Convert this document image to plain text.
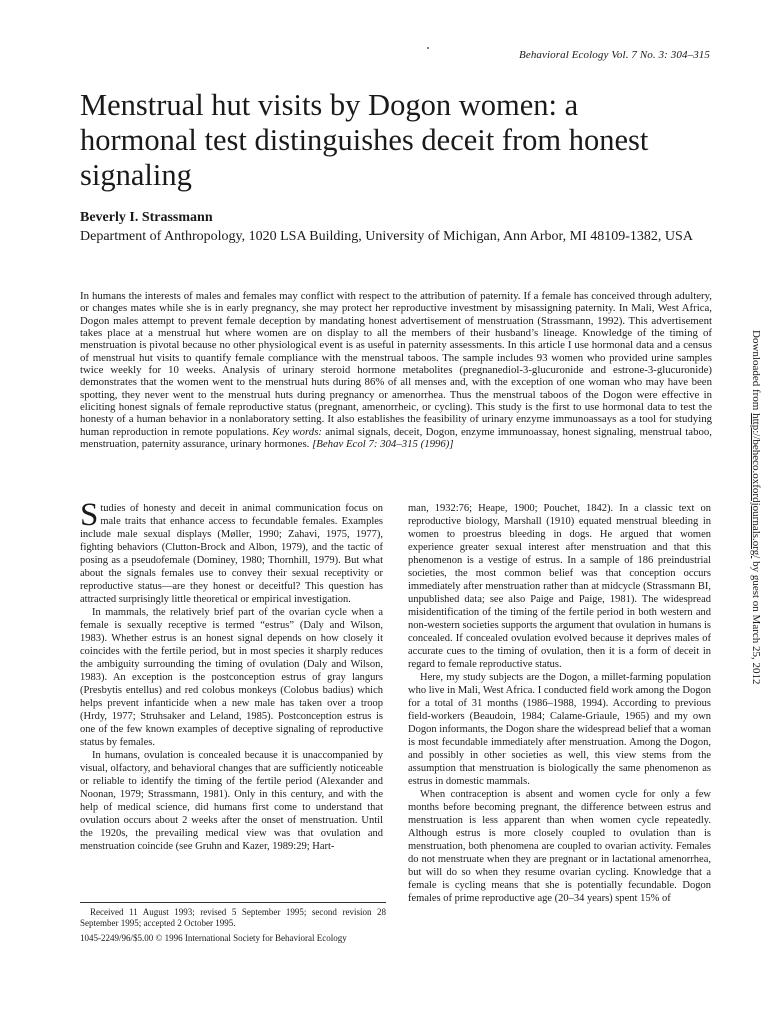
Behavioral Ecology Vol. 7 No. 3: 304–315
Menstrual hut visits by Dogon women: a hormonal test distinguishes deceit from honest signaling
Beverly I. Strassmann
Department of Anthropology, 1020 LSA Building, University of Michigan, Ann Arbor, MI 48109-1382, USA

In humans the interests of males and females may conflict with respect to the attribution of paternity. If a female has conceived through adultery, or changes mates while she is in early pregnancy, she may protect her reproductive investment by misassigning paternity. In Mali, West Africa, Dogon males attempt to prevent female deception by mandating honest advertisement of menstruation (Strassmann, 1992). This advertisement takes place at a menstrual hut where women are on display to all the members of their husband’s lineage. Knowledge of the timing of menstruation is pivotal because no other physiological event is as useful in paternity assessments. In this article I use hormonal data and a census of menstrual hut visits to quantify female compliance with the menstrual taboos. The sample includes 93 women who provided urine samples twice weekly for 10 weeks. Analysis of urinary steroid hormone metabolites (pregnanediol-3-glucuronide and estrone-3-glucuronide) demonstrates that the women went to the menstrual huts during 86% of all menses and, with the exception of one woman who may have been spotting, they never went to the menstrual huts during pregnancy or amenorrhea. Thus the menstrual taboos of the Dogon were effective in eliciting honest signals of female reproductive status (pregnant, amenorrheic, or cycling). This study is the first to use hormonal data to test the honesty of a human behavior in a nonlaboratory setting. It also establishes the feasibility of urinary enzyme immunoassays as a tool for studying human reproduction in remote populations. Key words: animal signals, deceit, Dogon, enzyme immunoassay, honest signaling, menstrual taboo, menstruation, paternity assurance, urinary hormones. [Behav Ecol 7: 304–315 (1996)]

Studies of honesty and deceit in animal communication focus on male traits that enhance access to fecundable females. Examples include male sexual displays (Møller, 1990; Zahavi, 1975, 1977), fighting behaviors (Clutton-Brock and Albon, 1979), and the tactic of posing as a pseudofemale (Dominey, 1980; Thornhill, 1979). But what about the signals females use to convey their sexual receptivity or reproductive status—are they honest or deceitful? This question has attracted surprisingly little theoretical or empirical investigation.

In mammals, the relatively brief part of the ovarian cycle when a female is sexually receptive is termed “estrus” (Daly and Wilson, 1983). Whether estrus is an honest signal depends on how closely it coincides with the fertile period, but in most species it sharply reduces the ambiguity surrounding the timing of ovulation (Daly and Wilson, 1983). An exception is the postconception estrus of gray langurs (Presbytis entellus) and red colobus monkeys (Colobus badius) which helps prevent infanticide when a new male has taken over a troop (Hrdy, 1977; Struhsaker and Leland, 1985). Postconception estrus is one of the few known examples of deceptive signaling of reproductive status by females.

In humans, ovulation is concealed because it is unaccompanied by visual, olfactory, and behavioral changes that are sufficiently noticeable or reliable to identify the timing of the fertile period (Alexander and Noonan, 1979; Strassmann, 1981). Only in this century, and with the help of medical science, did humans first come to understand that ovulation occurs about 2 weeks after the onset of menstruation. Until the 1920s, the prevailing medical view was that ovulation and menstruation coincide (see Gruhn and Kazer, 1989:29; Hart-

man, 1932:76; Heape, 1900; Pouchet, 1842). In a classic text on reproductive biology, Marshall (1910) equated menstrual bleeding in women to proestrus bleeding in dogs. He argued that women experience greater sexual interest after menstruation and that this phenomenon is a vestige of estrus. In a sample of 186 preindustrial societies, the most common belief was that conception occurs immediately after menstruation rather than at midcycle (Strassmann BI, unpublished data; see also Paige and Paige, 1981). The widespread misidentification of the timing of the fertile period in both western and non-western societies supports the argument that ovulation in humans is concealed. If concealed ovulation evolved because it deprives males of accurate cues to the timing of ovulation, then it is a form of deceit in regard to female reproductive status.

Here, my study subjects are the Dogon, a millet-farming population who live in Mali, West Africa. I conducted field work among the Dogon for a total of 31 months (1986–1988, 1994). According to previous field-workers (Beaudoin, 1984; Calame-Griaule, 1965) and my own Dogon informants, the Dogon share the widespread belief that a woman is most fecundable immediately after menstruation. Among the Dogon, and possibly in other societies as well, this view stems from the assumption that menstruation is biologically the same phenomenon as estrus in domestic mammals.

When contraception is absent and women cycle for only a few months before becoming pregnant, the difference between estrus and menstruation is less apparent than when women cycle repeatedly. Although estrus is more closely coupled to ovulation than is menstruation, both phenomena are coupled to ovarian activity. Females do not menstruate when they are pregnant or in lactational amenorrhea, but will do so when they resume ovarian cycling. Knowledge that a female is cycling means that she is potentially fecundable. Dogon females of prime reproductive age (20–34 years) spent 15% of

Received 11 August 1993; revised 5 September 1995; second revision 28 September 1995; accepted 2 October 1995.

1045-2249/96/$5.00 © 1996 International Society for Behavioral Ecology

Downloaded from http://beheco.oxfordjournals.org/ by guest on March 25, 2012
